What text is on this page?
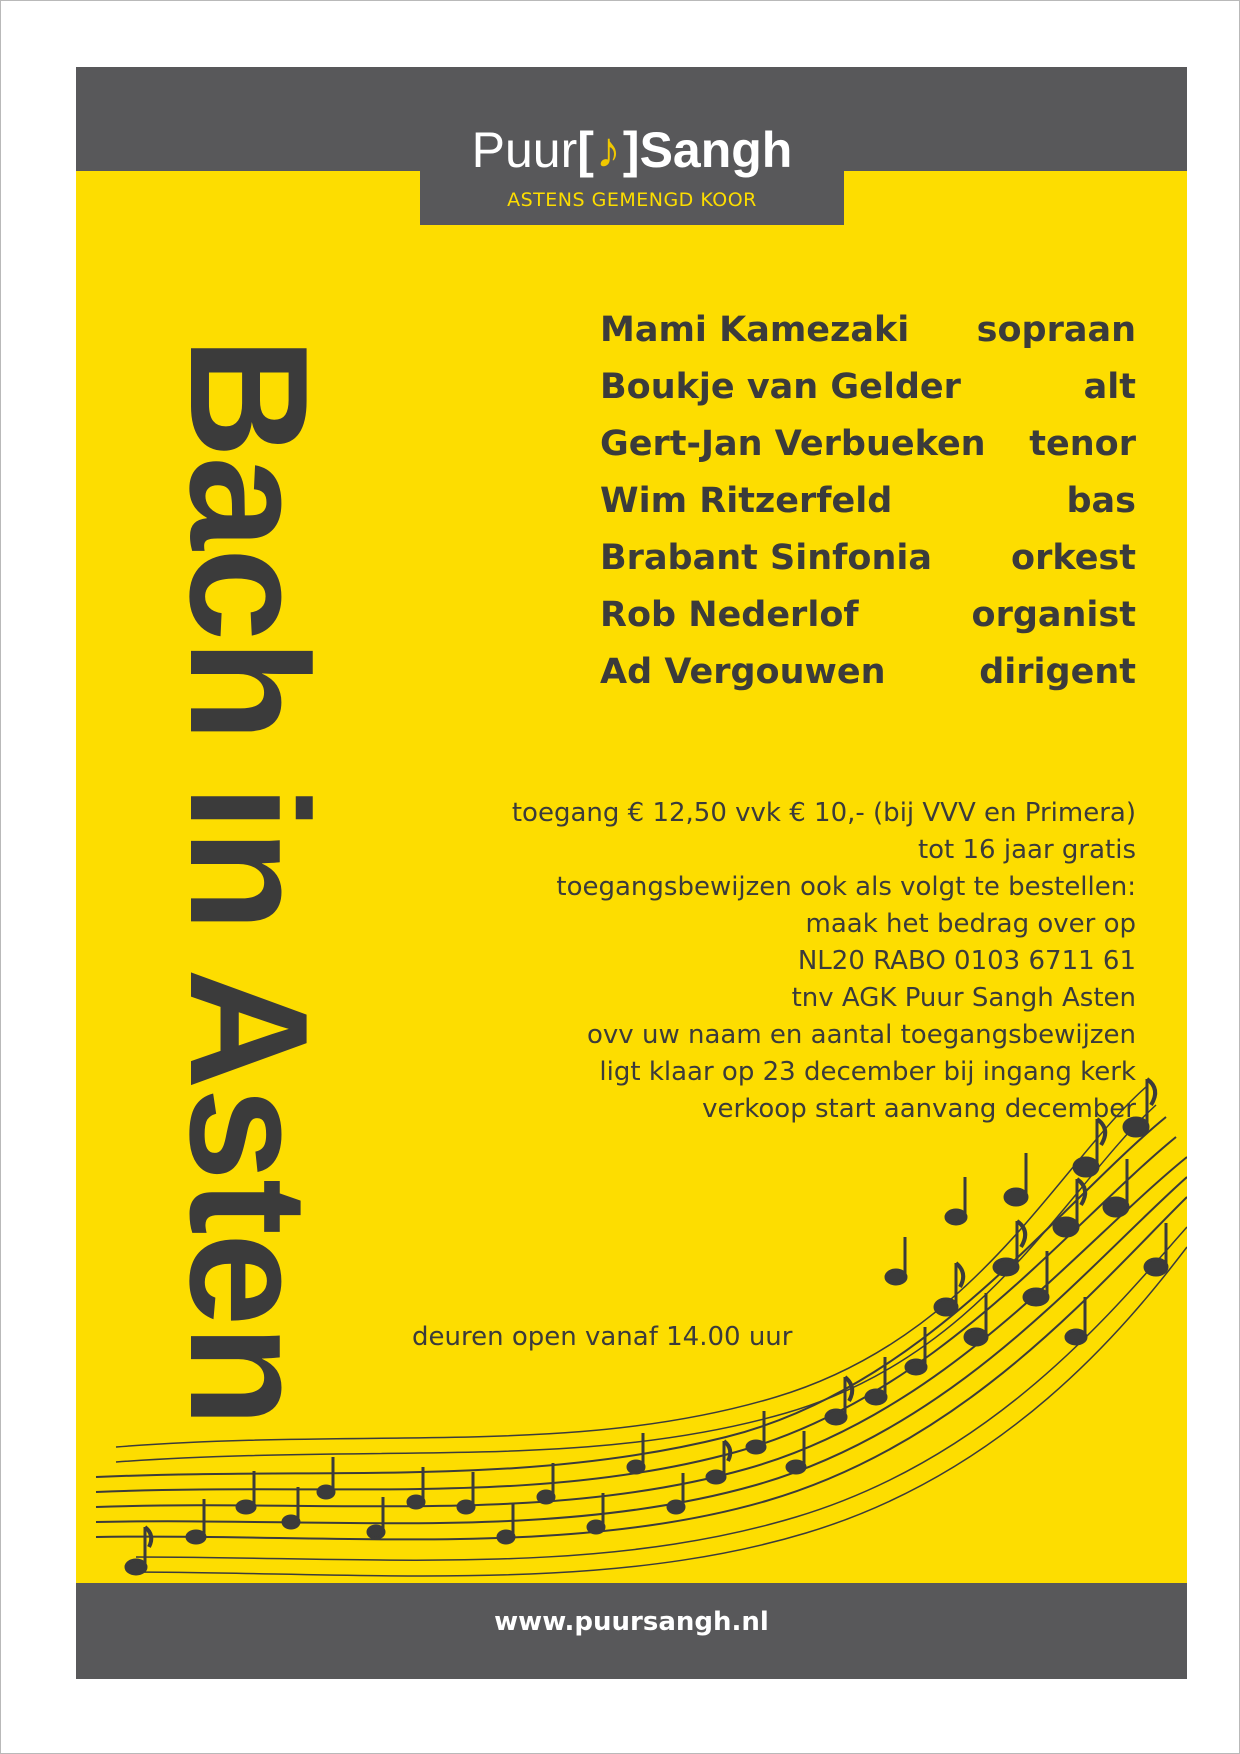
Puur[♪]Sangh
ASTENS GEMENGD KOOR
Bach in Asten
Mami Kamezaki sopraan
Boukje van Gelder	alt
Gert-Jan Verbueken tenor
Wim Ritzerfeld	bas
Brabant Sinfonia orkest
Rob Nederlof	organist
Ad Vergouwen	dirigent
toegang € 12,50 vvk € 10,- (bij VVV en Primera)
tot 16 jaar gratis
toegangsbewijzen ook als volgt te bestellen:
maak het bedrag over op
NL20 RABO 0103 6711 61
tnv AGK Puur Sangh Asten
ovv uw naam en aantal toegangsbewijzen
ligt klaar op 23 december bij ingang kerk
verkoop start aanvang december
deuren open vanaf 14.00 uur
www.puursangh.nl
